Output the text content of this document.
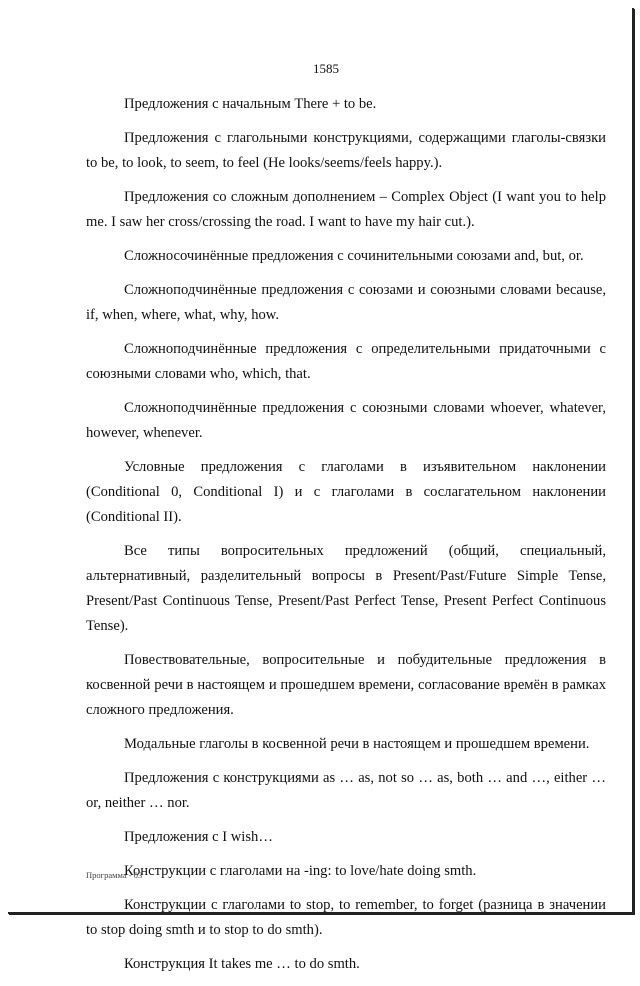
1585

Предложения с начальным There + to be.

Предложения с глагольными конструкциями, содержащими глаголы-связки to be, to look, to seem, to feel (He looks/seems/feels happy.).

Предложения со сложным дополнением – Complex Object (I want you to help me. I saw her cross/crossing the road. I want to have my hair cut.).

Сложносочинённые предложения с сочинительными союзами and, but, or.

Сложноподчинённые предложения с союзами и союзными словами because, if, when, where, what, why, how.

Сложноподчинённые предложения с определительными придаточными с союзными словами who, which, that.

Сложноподчинённые предложения с союзными словами whoever, whatever, however, whenever.

Условные предложения с глаголами в изъявительном наклонении (Conditional 0, Conditional I) и с глаголами в сослагательном наклонении (Conditional II).

Все типы вопросительных предложений (общий, специальный, альтернативный, разделительный вопросы в Present/Past/Future Simple Tense, Present/Past Continuous Tense, Present/Past Perfect Tense, Present Perfect Continuous Tense).

Повествовательные, вопросительные и побудительные предложения в косвенной речи в настоящем и прошедшем времени, согласование времён в рамках сложного предложения.

Модальные глаголы в косвенной речи в настоящем и прошедшем времени.

Предложения с конструкциями as … as, not so … as, both … and …, either … or, neither … nor.

Предложения с I wish…

Конструкции с глаголами на -ing: to love/hate doing smth.

Конструкции с глаголами to stop, to remember, to forget (разница в значении to stop doing smth и to stop to do smth).

Конструкция It takes me … to do smth.

Программа - 03
